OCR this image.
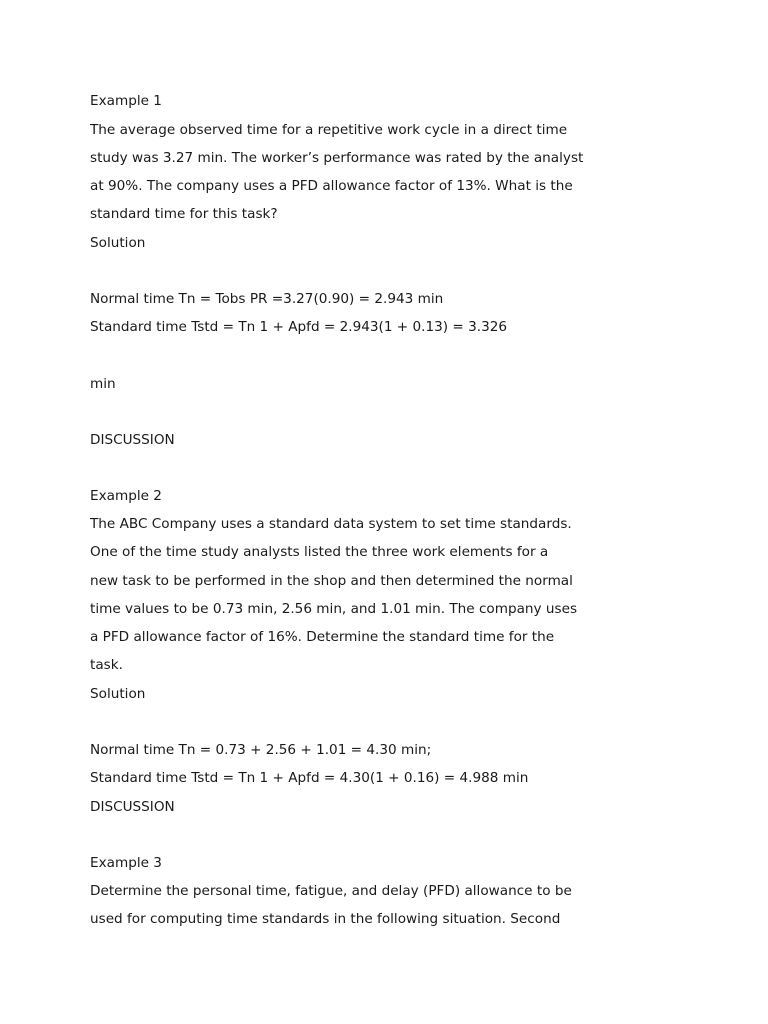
Example 1

The average observed time for a repetitive work cycle in a direct time

study was 3.27 min. The worker’s performance was rated by the analyst

at 90%. The company uses a PFD allowance factor of 13%. What is the

standard time for this task?

Solution

Normal time Tn = Tobs PR =3.27(0.90) = 2.943 min

Standard time Tstd = Tn 1 + Apfd = 2.943(1 + 0.13) = 3.326

min

DISCUSSION

Example 2

The ABC Company uses a standard data system to set time standards.

One of the time study analysts listed the three work elements for a

new task to be performed in the shop and then determined the normal

time values to be 0.73 min, 2.56 min, and 1.01 min. The company uses

a PFD allowance factor of 16%. Determine the standard time for the

task.

Solution

Normal time Tn = 0.73 + 2.56 + 1.01 = 4.30 min;

Standard time Tstd = Tn 1 + Apfd = 4.30(1 + 0.16) = 4.988 min

DISCUSSION

Example 3

Determine the personal time, fatigue, and delay (PFD) allowance to be

used for computing time standards in the following situation. Second
